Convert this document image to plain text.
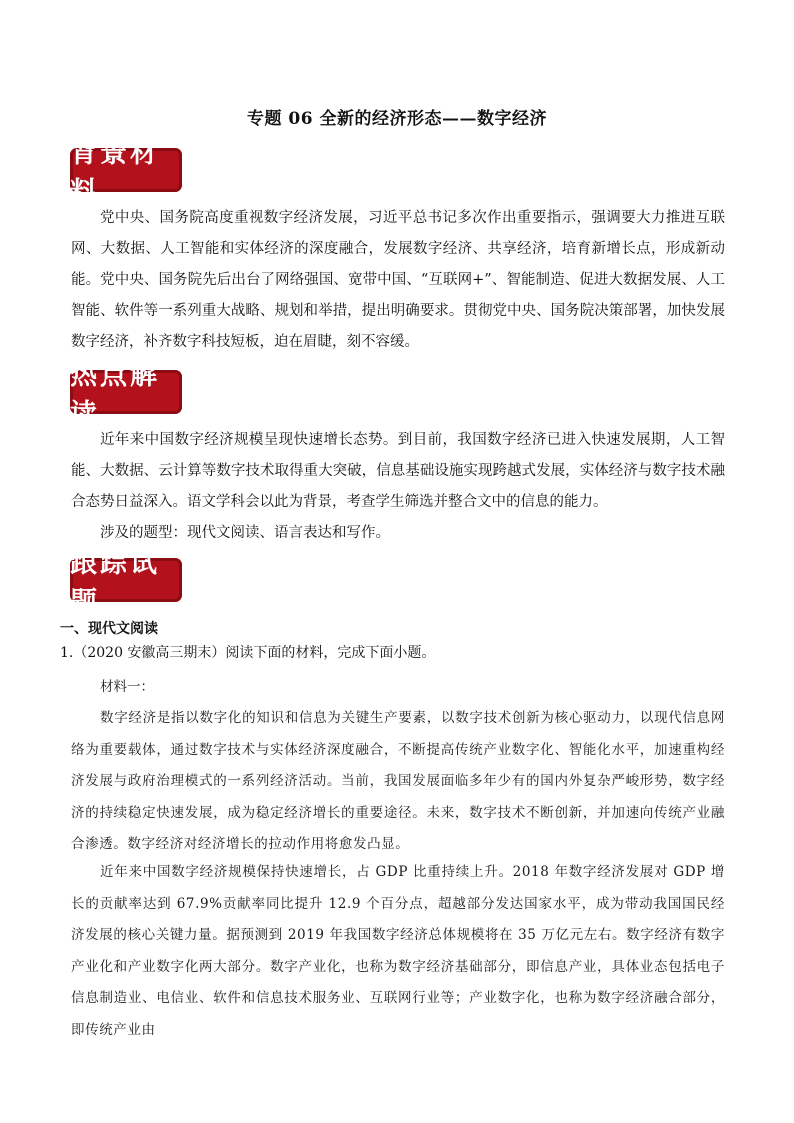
专题 06 全新的经济形态——数字经济
背景材料

党中央、国务院高度重视数字经济发展，习近平总书记多次作出重要指示，强调要大力推进互联网、大数据、人工智能和实体经济的深度融合，发展数字经济、共享经济，培育新增长点，形成新动能。党中央、国务院先后出台了网络强国、宽带中国、“互联网+”、智能制造、促进大数据发展、人工智能、软件等一系列重大战略、规划和举措，提出明确要求。贯彻党中央、国务院决策部署，加快发展数字经济，补齐数字科技短板，迫在眉睫，刻不容缓。

热点解读

近年来中国数字经济规模呈现快速增长态势。到目前，我国数字经济已进入快速发展期，人工智能、大数据、云计算等数字技术取得重大突破，信息基础设施实现跨越式发展，实体经济与数字技术融合态势日益深入。语文学科会以此为背景，考查学生筛选并整合文中的信息的能力。

涉及的题型：现代文阅读、语言表达和写作。

跟踪试题
一、现代文阅读
1.（2020 安徽高三期末）阅读下面的材料，完成下面小题。
材料一：

数字经济是指以数字化的知识和信息为关键生产要素，以数字技术创新为核心驱动力，以现代信息网络为重要载体，通过数字技术与实体经济深度融合，不断提高传统产业数字化、智能化水平，加速重构经济发展与政府治理模式的一系列经济活动。当前，我国发展面临多年少有的国内外复杂严峻形势，数字经济的持续稳定快速发展，成为稳定经济增长的重要途径。未来，数字技术不断创新，并加速向传统产业融合渗透。数字经济对经济增长的拉动作用将愈发凸显。

近年来中国数字经济规模保持快速增长，占 GDP 比重持续上升。2018 年数字经济发展对 GDP 增长的贡献率达到 67.9%贡献率同比提升 12.9 个百分点，超越部分发达国家水平，成为带动我国国民经济发展的核心关键力量。据预测到 2019 年我国数字经济总体规模将在 35 万亿元左右。数字经济有数字产业化和产业数字化两大部分。数字产业化，也称为数字经济基础部分，即信息产业，具体业态包括电子信息制造业、电信业、软件和信息技术服务业、互联网行业等；产业数字化，也称为数字经济融合部分，即传统产业由
